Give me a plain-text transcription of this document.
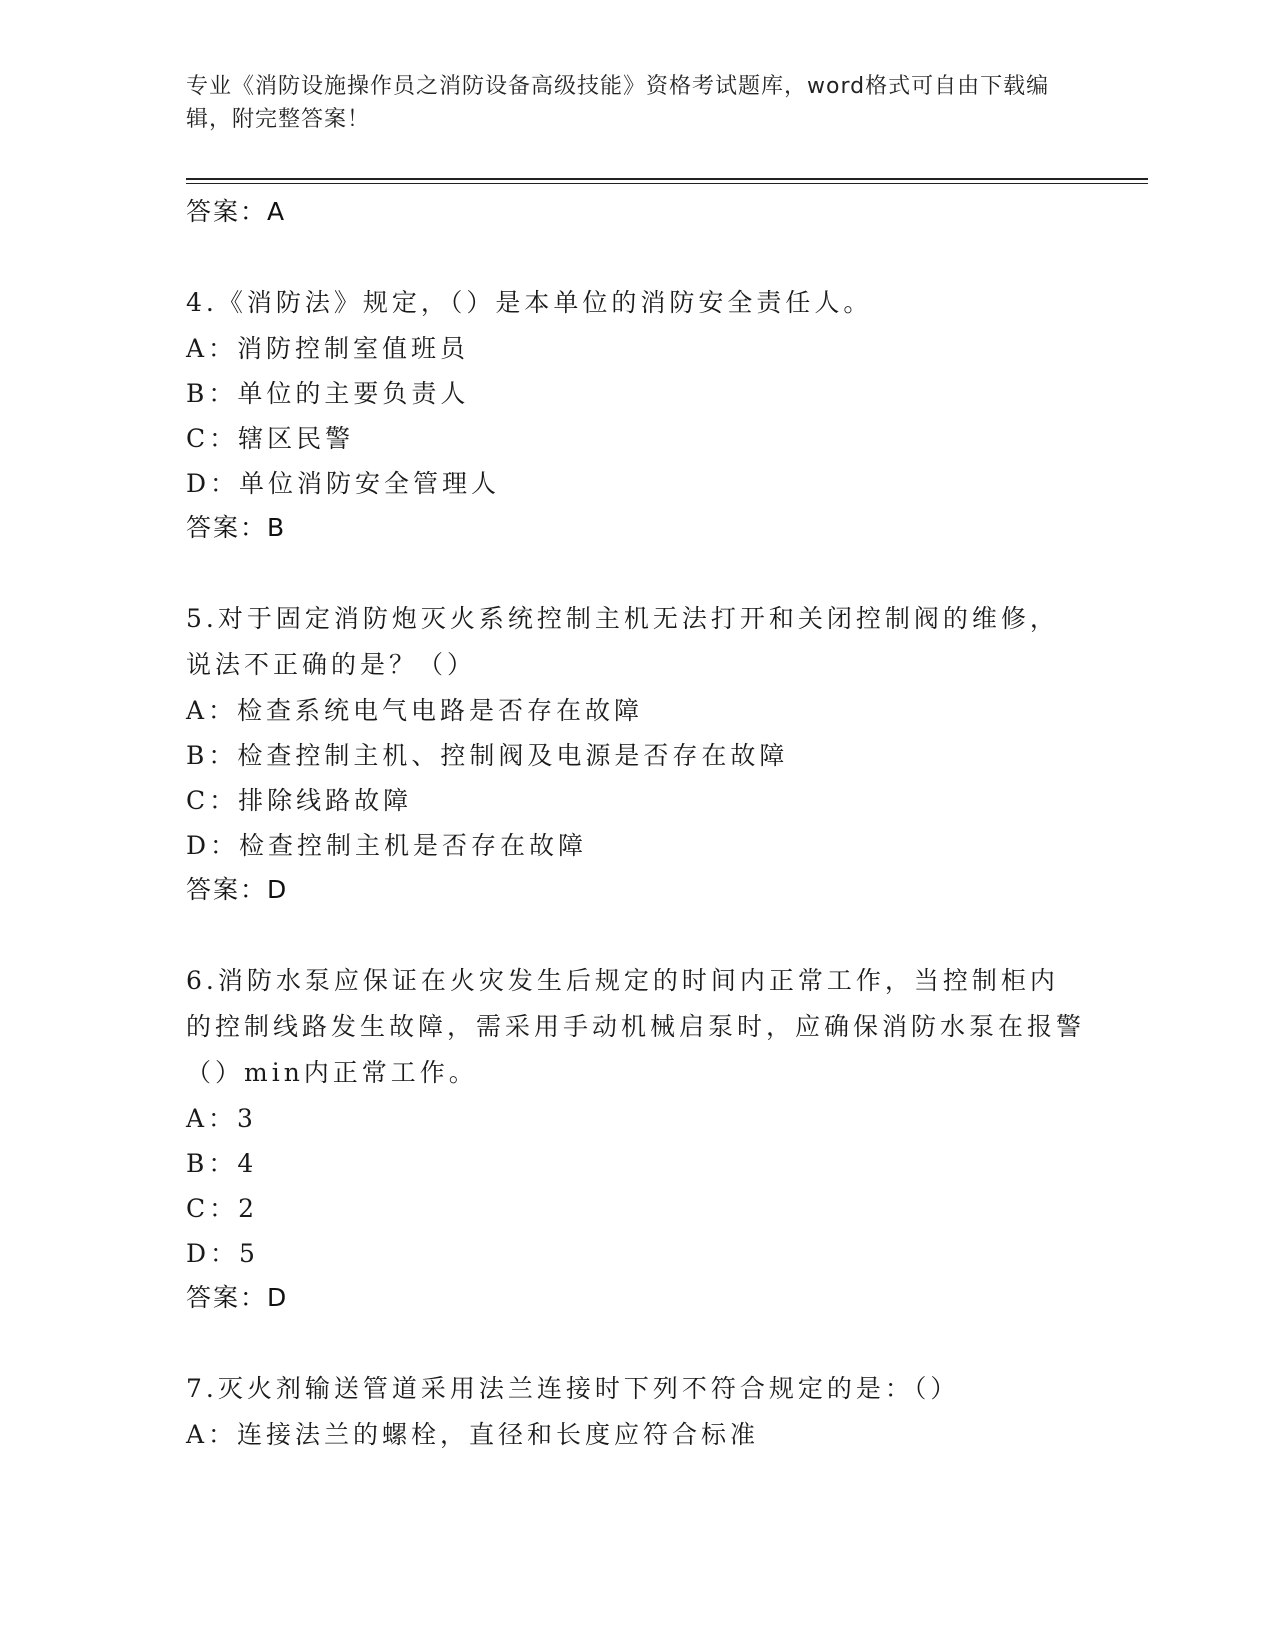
专业《消防设施操作员之消防设备高级技能》资格考试题库，word格式可自由下载编辑，附完整答案！
答案：A
4.《消防法》规定，（）是本单位的消防安全责任人。
A：消防控制室值班员
B：单位的主要负责人
C：辖区民警
D：单位消防安全管理人
答案：B
5.对于固定消防炮灭火系统控制主机无法打开和关闭控制阀的维修，说法不正确的是？（）
A：检查系统电气电路是否存在故障
B：检查控制主机、控制阀及电源是否存在故障
C：排除线路故障
D：检查控制主机是否存在故障
答案：D
6.消防水泵应保证在火灾发生后规定的时间内正常工作，当控制柜内的控制线路发生故障，需采用手动机械启泵时，应确保消防水泵在报警（）min内正常工作。
A：3
B：4
C：2
D：5
答案：D
7.灭火剂输送管道采用法兰连接时下列不符合规定的是：（）
A：连接法兰的螺栓，直径和长度应符合标准
